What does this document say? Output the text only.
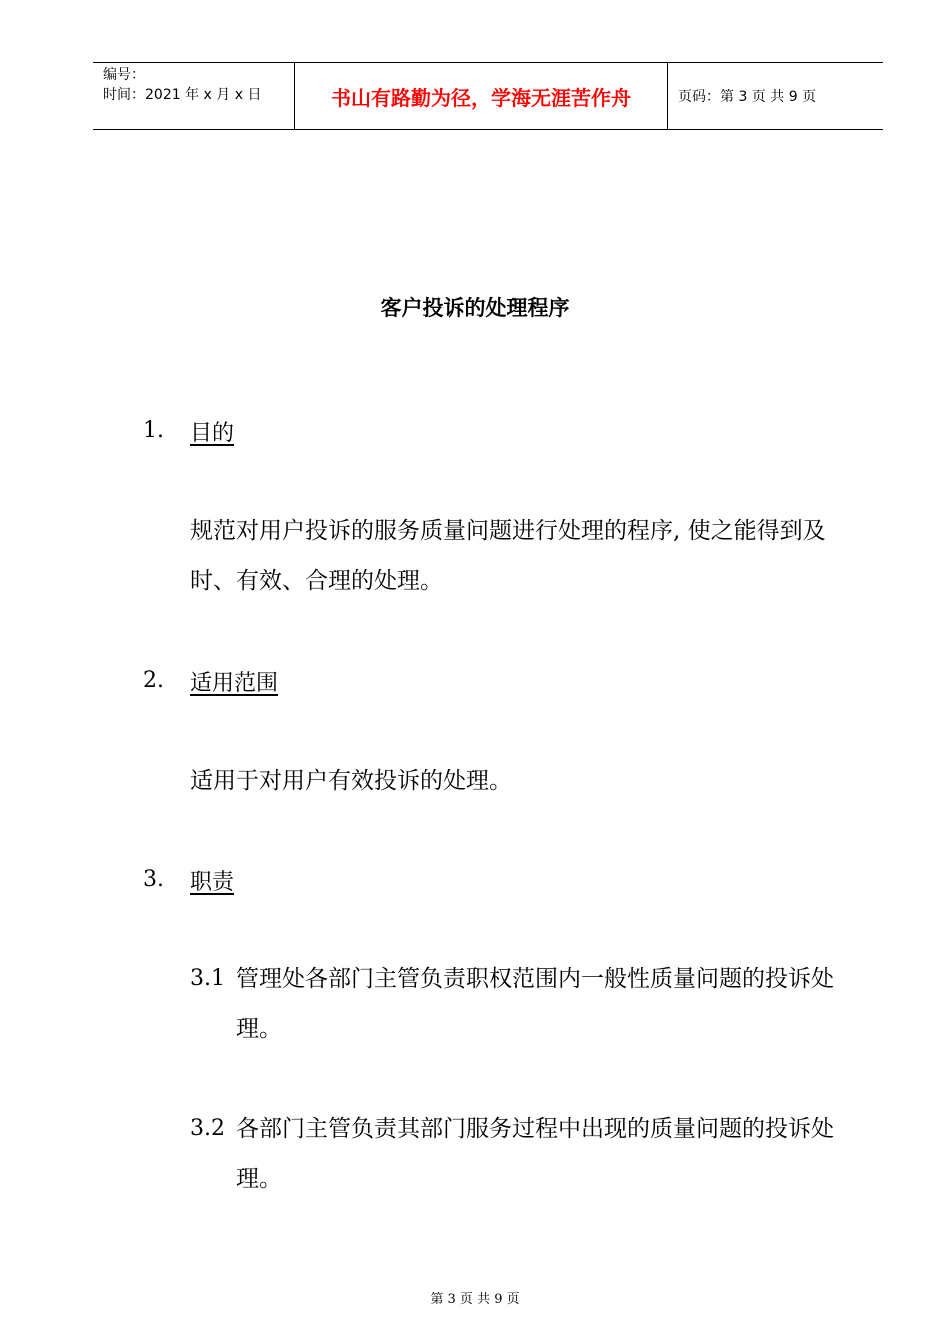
编号：
时间：2021 年 x 月 x 日	书山有路勤为径，学海无涯苦作舟	页码：第 3 页 共 9 页
客户投诉的处理程序
1. 目的
规范对用户投诉的服务质量问题进行处理的程序, 使之能得到及时、有效、合理的处理。
2. 适用范围
适用于对用户有效投诉的处理。
3. 职责
3.1 管理处各部门主管负责职权范围内一般性质量问题的投诉处理。
3.2 各部门主管负责其部门服务过程中出现的质量问题的投诉处理。
第 3 页 共 9 页
